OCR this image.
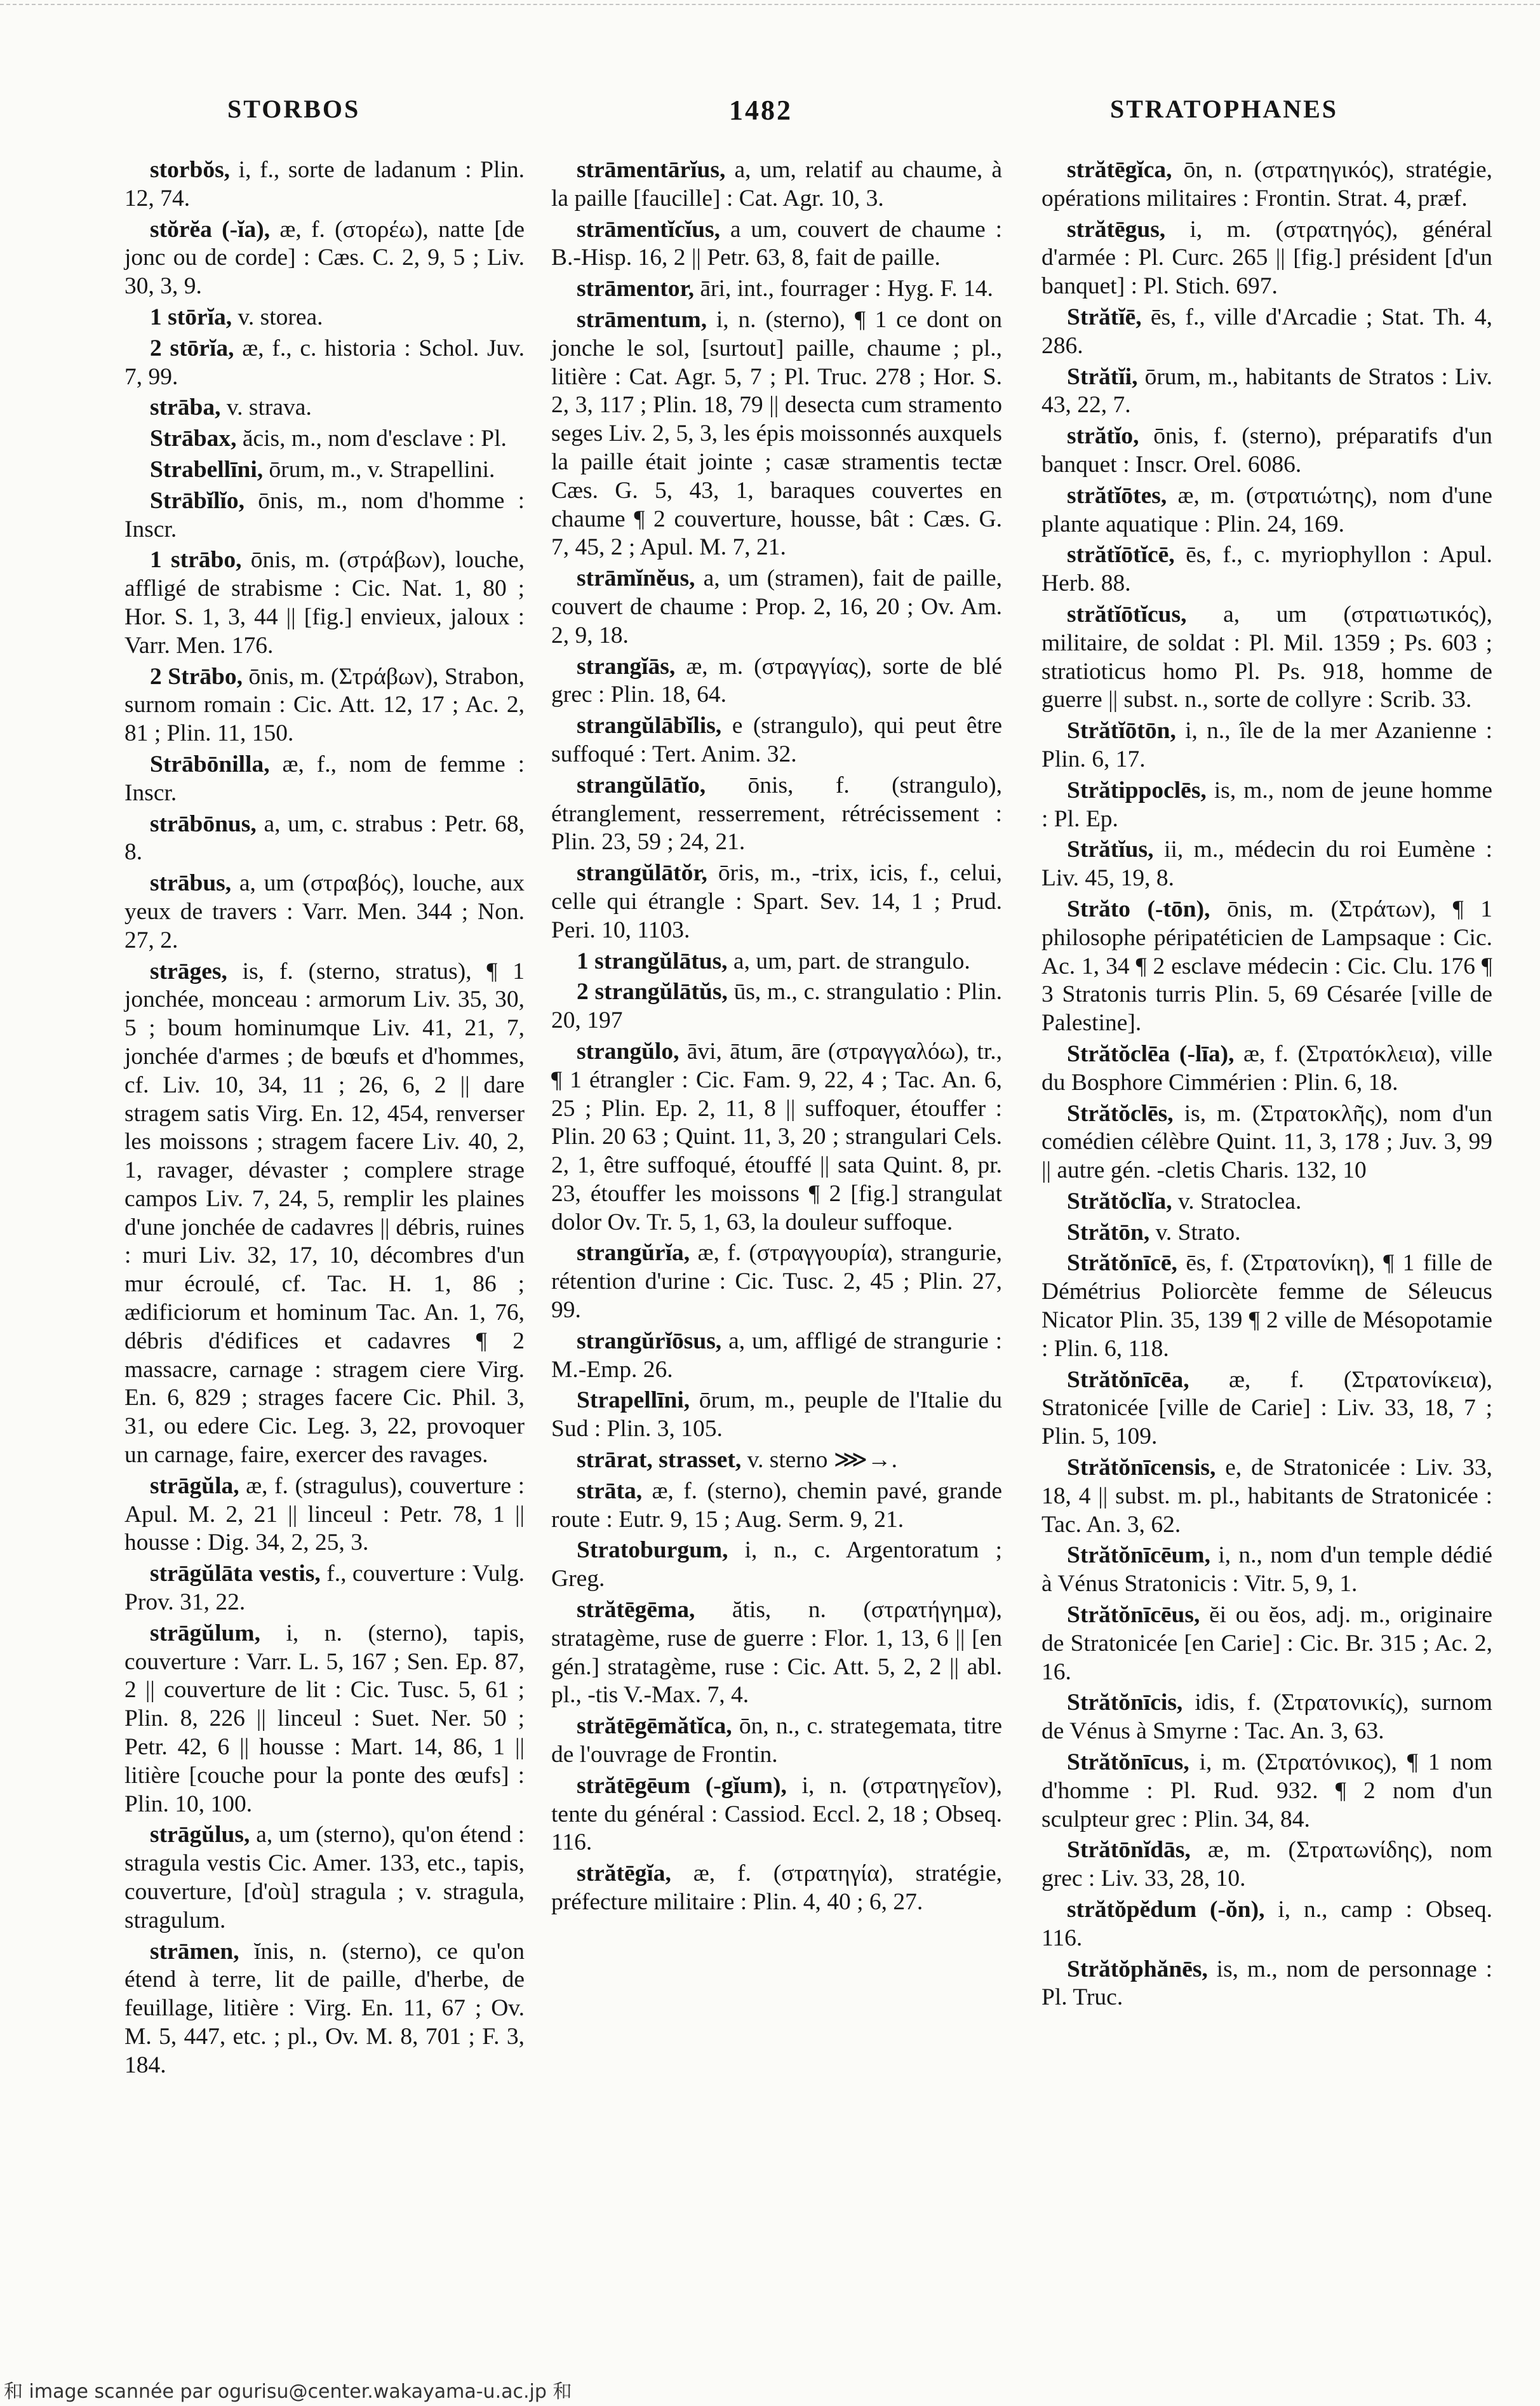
STORBOS	1482	STRATOPHANES

storbŏs, i, f., sorte de ladanum : Plin. 12, 74.

stŏrĕa (-ĭa), æ, f. (στορέω), natte [de jonc ou de corde] : Cæs. C. 2, 9, 5 ; Liv. 30, 3, 9.

1 stōrĭa, v. storea.

2 stōrĭa, æ, f., c. historia : Schol. Juv. 7, 99.

strāba, v. strava.

Strābax, ăcis, m., nom d'esclave : Pl.

Strabellīni, ōrum, m., v. Strapellini.

Strābĭlĭo, ōnis, m., nom d'homme : Inscr.

1 strābo, ōnis, m. (στράβων), louche, affligé de strabisme : Cic. Nat. 1, 80 ; Hor. S. 1, 3, 44 || [fig.] envieux, jaloux : Varr. Men. 176.

2 Strābo, ōnis, m. (Στράβων), Strabon, surnom romain : Cic. Att. 12, 17 ; Ac. 2, 81 ; Plin. 11, 150.

Strābōnilla, æ, f., nom de femme : Inscr.

strābōnus, a, um, c. strabus : Petr. 68, 8.

strābus, a, um (στραβός), louche, aux yeux de travers : Varr. Men. 344 ; Non. 27, 2.

strāges, is, f. (sterno, stratus), ¶ 1 jonchée, monceau : armorum Liv. 35, 30, 5 ; boum hominumque Liv. 41, 21, 7, jonchée d'armes ; de bœufs et d'hommes, cf. Liv. 10, 34, 11 ; 26, 6, 2 || dare stragem satis Virg. En. 12, 454, renverser les moissons ; stragem facere Liv. 40, 2, 1, ravager, dévaster ; complere strage campos Liv. 7, 24, 5, remplir les plaines d'une jonchée de cadavres || débris, ruines : muri Liv. 32, 17, 10, décombres d'un mur écroulé, cf. Tac. H. 1, 86 ; ædificiorum et hominum Tac. An. 1, 76, débris d'édifices et cadavres ¶ 2 massacre, carnage : stragem ciere Virg. En. 6, 829 ; strages facere Cic. Phil. 3, 31, ou edere Cic. Leg. 3, 22, provoquer un carnage, faire, exercer des ravages.

strāgŭla, æ, f. (stragulus), couverture : Apul. M. 2, 21 || linceul : Petr. 78, 1 || housse : Dig. 34, 2, 25, 3.

strāgŭlāta vestis, f., couverture : Vulg. Prov. 31, 22.

strāgŭlum, i, n. (sterno), tapis, couverture : Varr. L. 5, 167 ; Sen. Ep. 87, 2 || couverture de lit : Cic. Tusc. 5, 61 ; Plin. 8, 226 || linceul : Suet. Ner. 50 ; Petr. 42, 6 || housse : Mart. 14, 86, 1 || litière [couche pour la ponte des œufs] : Plin. 10, 100.

strāgŭlus, a, um (sterno), qu'on étend : stragula vestis Cic. Amer. 133, etc., tapis, couverture, [d'où] stragula ; v. stragula, stragulum.

strāmen, ĭnis, n. (sterno), ce qu'on étend à terre, lit de paille, d'herbe, de feuillage, litière : Virg. En. 11, 67 ; Ov. M. 5, 447, etc. ; pl., Ov. M. 8, 701 ; F. 3, 184.

strāmentārĭus, a, um, relatif au chaume, à la paille [faucille] : Cat. Agr. 10, 3.

strāmentĭcĭus, a um, couvert de chaume : B.-Hisp. 16, 2 || Petr. 63, 8, fait de paille.

strāmentor, āri, int., fourrager : Hyg. F. 14.

strāmentum, i, n. (sterno), ¶ 1 ce dont on jonche le sol, [surtout] paille, chaume ; pl., litière : Cat. Agr. 5, 7 ; Pl. Truc. 278 ; Hor. S. 2, 3, 117 ; Plin. 18, 79 || desecta cum stramento seges Liv. 2, 5, 3, les épis moissonnés auxquels la paille était jointe ; casæ stramentis tectæ Cæs. G. 5, 43, 1, baraques couvertes en chaume ¶ 2 couverture, housse, bât : Cæs. G. 7, 45, 2 ; Apul. M. 7, 21.

strāmĭnĕus, a, um (stramen), fait de paille, couvert de chaume : Prop. 2, 16, 20 ; Ov. Am. 2, 9, 18.

strangĭās, æ, m. (στραγγίας), sorte de blé grec : Plin. 18, 64.

strangŭlābĭlis, e (strangulo), qui peut être suffoqué : Tert. Anim. 32.

strangŭlātĭo, ōnis, f. (strangulo), étranglement, resserrement, rétrécissement : Plin. 23, 59 ; 24, 21.

strangŭlātŏr, ōris, m., -trix, icis, f., celui, celle qui étrangle : Spart. Sev. 14, 1 ; Prud. Peri. 10, 1103.

1 strangŭlātus, a, um, part. de strangulo.

2 strangŭlātŭs, ūs, m., c. strangulatio : Plin. 20, 197

strangŭlo, āvi, ātum, āre (στραγγαλόω), tr., ¶ 1 étrangler : Cic. Fam. 9, 22, 4 ; Tac. An. 6, 25 ; Plin. Ep. 2, 11, 8 || suffoquer, étouffer : Plin. 20 63 ; Quint. 11, 3, 20 ; strangulari Cels. 2, 1, être suffoqué, étouffé || sata Quint. 8, pr. 23, étouffer les moissons ¶ 2 [fig.] strangulat dolor Ov. Tr. 5, 1, 63, la douleur suffoque.

strangŭrĭa, æ, f. (στραγγουρία), strangurie, rétention d'urine : Cic. Tusc. 2, 45 ; Plin. 27, 99.

strangŭrĭōsus, a, um, affligé de strangurie : M.-Emp. 26.

Strapellīni, ōrum, m., peuple de l'Italie du Sud : Plin. 3, 105.

strārat, strasset, v. sterno ⋙→.

strāta, æ, f. (sterno), chemin pavé, grande route : Eutr. 9, 15 ; Aug. Serm. 9, 21.

Stratoburgum, i, n., c. Argentoratum ; Greg.

strătēgēma, ătis, n. (στρατήγημα), stratagème, ruse de guerre : Flor. 1, 13, 6 || [en gén.] stratagème, ruse : Cic. Att. 5, 2, 2 || abl. pl., -tis V.-Max. 7, 4.

strătēgēmătĭca, ōn, n., c. strategemata, titre de l'ouvrage de Frontin.

strătēgēum (-gĭum), i, n. (στρατηγεῖον), tente du général : Cassiod. Eccl. 2, 18 ; Obseq. 116.

strătēgĭa, æ, f. (στρατηγία), stratégie, préfecture militaire : Plin. 4, 40 ; 6, 27.

strătēgĭca, ōn, n. (στρατηγικός), stratégie, opérations militaires : Frontin. Strat. 4, præf.

strătēgus, i, m. (στρατηγός), général d'armée : Pl. Curc. 265 || [fig.] président [d'un banquet] : Pl. Stich. 697.

Strătĭē, ēs, f., ville d'Arcadie ; Stat. Th. 4, 286.

Strătĭi, ōrum, m., habitants de Stratos : Liv. 43, 22, 7.

strătĭo, ōnis, f. (sterno), préparatifs d'un banquet : Inscr. Orel. 6086.

strătĭōtes, æ, m. (στρατιώτης), nom d'une plante aquatique : Plin. 24, 169.

strătĭōtĭcē, ēs, f., c. myriophyllon : Apul. Herb. 88.

strătĭōtĭcus, a, um (στρατιωτικός), militaire, de soldat : Pl. Mil. 1359 ; Ps. 603 ; stratioticus homo Pl. Ps. 918, homme de guerre || subst. n., sorte de collyre : Scrib. 33.

Strătĭōtōn, i, n., île de la mer Azanienne : Plin. 6, 17.

Strătippoclēs, is, m., nom de jeune homme : Pl. Ep.

Strătĭus, ii, m., médecin du roi Eumène : Liv. 45, 19, 8.

Străto (-tōn), ōnis, m. (Στράτων), ¶ 1 philosophe péripatéticien de Lampsaque : Cic. Ac. 1, 34 ¶ 2 esclave médecin : Cic. Clu. 176 ¶ 3 Stratonis turris Plin. 5, 69 Césarée [ville de Palestine].

Strătŏclēa (-līa), æ, f. (Στρατόκλεια), ville du Bosphore Cimmérien : Plin. 6, 18.

Strătŏclēs, is, m. (Στρατοκλῆς), nom d'un comédien célèbre Quint. 11, 3, 178 ; Juv. 3, 99 || autre gén. -cletis Charis. 132, 10

Strătŏclĭa, v. Stratoclea.

Strătōn, v. Strato.

Strătŏnīcē, ēs, f. (Στρατονίκη), ¶ 1 fille de Démétrius Poliorcète femme de Séleucus Nicator Plin. 35, 139 ¶ 2 ville de Mésopotamie : Plin. 6, 118.

Strătŏnīcēa, æ, f. (Στρατονίκεια), Stratonicée [ville de Carie] : Liv. 33, 18, 7 ; Plin. 5, 109.

Strătŏnīcensis, e, de Stratonicée : Liv. 33, 18, 4 || subst. m. pl., habitants de Stratonicée : Tac. An. 3, 62.

Strătŏnīcēum, i, n., nom d'un temple dédié à Vénus Stratonicis : Vitr. 5, 9, 1.

Strătŏnīcēus, ĕi ou ĕos, adj. m., originaire de Stratonicée [en Carie] : Cic. Br. 315 ; Ac. 2, 16.

Strătŏnīcis, idis, f. (Στρατονικίς), surnom de Vénus à Smyrne : Tac. An. 3, 63.

Strătŏnīcus, i, m. (Στρατόνικος), ¶ 1 nom d'homme : Pl. Rud. 932. ¶ 2 nom d'un sculpteur grec : Plin. 34, 84.

Strătōnĭdās, æ, m. (Στρατωνίδης), nom grec : Liv. 33, 28, 10.

strătŏpĕdum (-ŏn), i, n., camp : Obseq. 116.

Strătŏphănēs, is, m., nom de personnage : Pl. Truc.

和 image scannée par ogurisu@center.wakayama-u.ac.jp 和
